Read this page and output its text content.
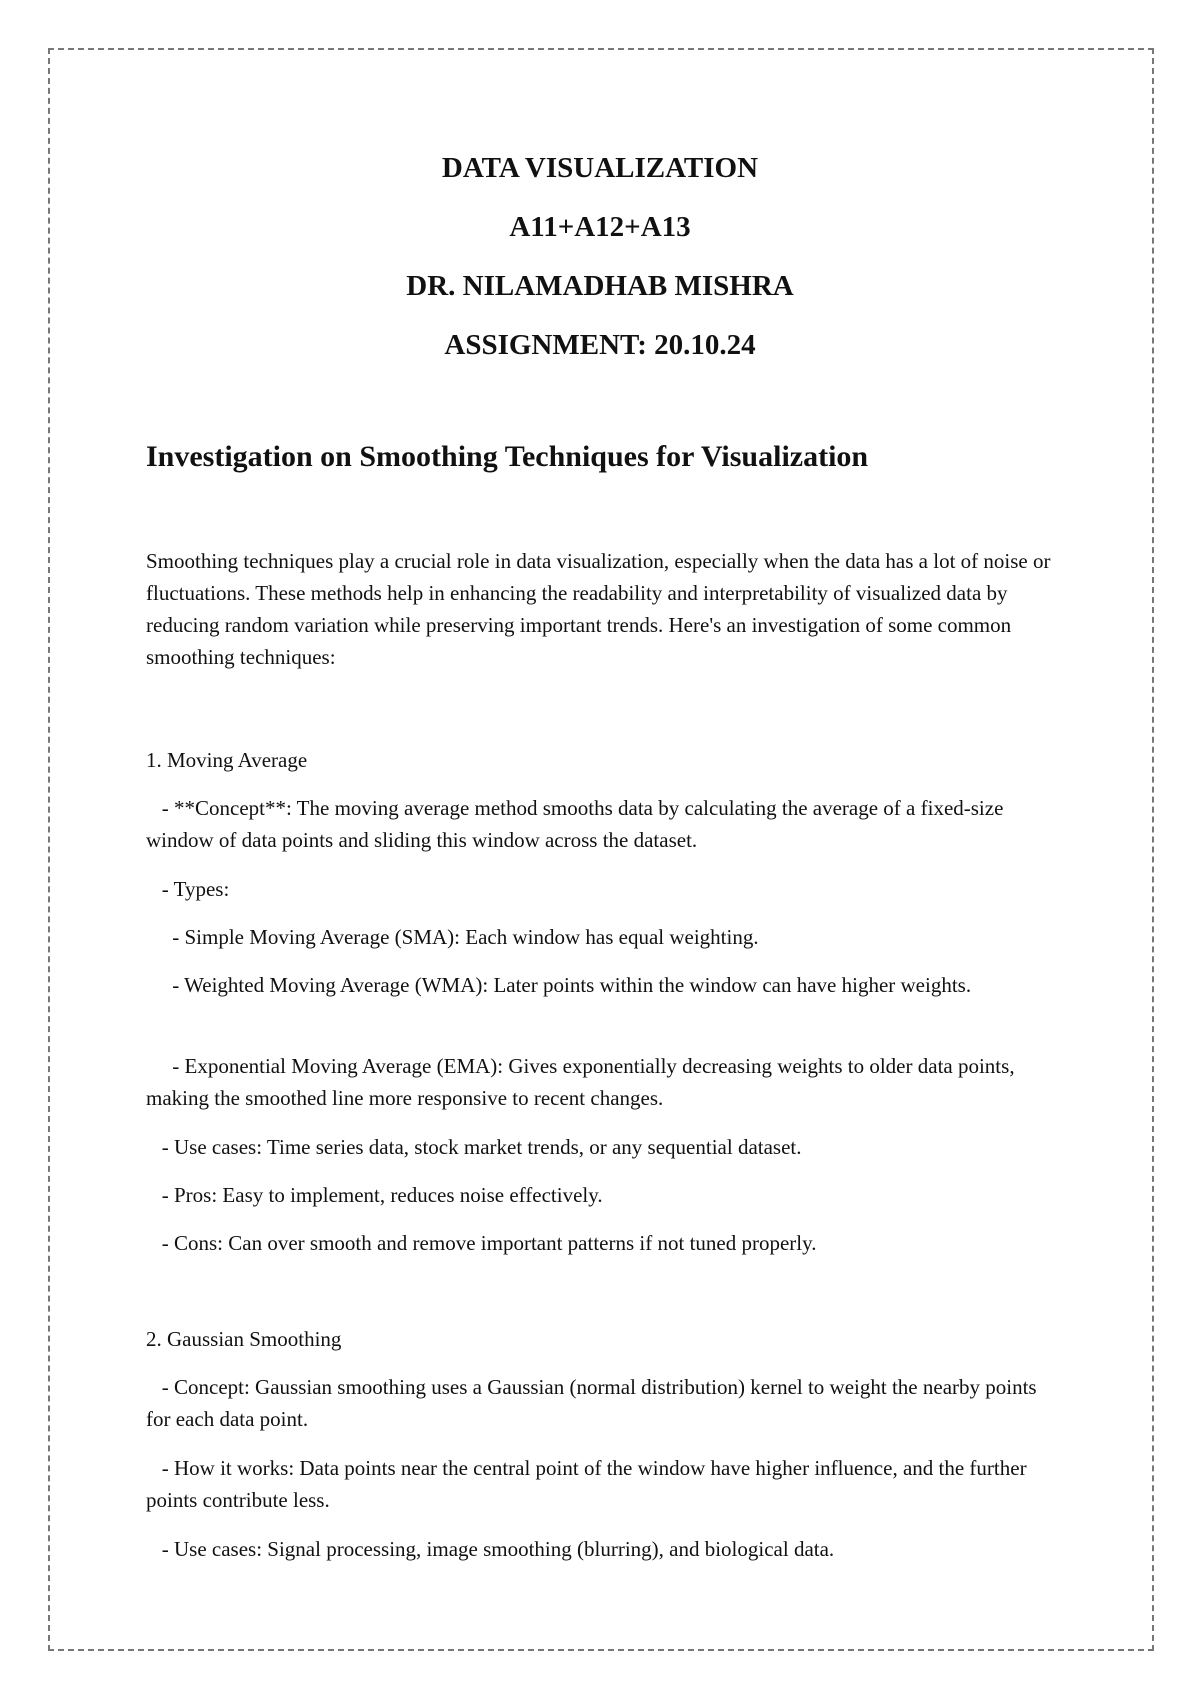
DATA VISUALIZATION
A11+A12+A13
DR. NILAMADHAB MISHRA
ASSIGNMENT: 20.10.24
Investigation on Smoothing Techniques for Visualization
Smoothing techniques play a crucial role in data visualization, especially when the data has a lot of noise or fluctuations. These methods help in enhancing the readability and interpretability of visualized data by reducing random variation while preserving important trends. Here's an investigation of some common smoothing techniques:
1. Moving Average
- **Concept**: The moving average method smooths data by calculating the average of a fixed-size window of data points and sliding this window across the dataset.
- Types:
- Simple Moving Average (SMA): Each window has equal weighting.
- Weighted Moving Average (WMA): Later points within the window can have higher weights.
- Exponential Moving Average (EMA): Gives exponentially decreasing weights to older data points, making the smoothed line more responsive to recent changes.
- Use cases: Time series data, stock market trends, or any sequential dataset.
- Pros: Easy to implement, reduces noise effectively.
- Cons: Can over smooth and remove important patterns if not tuned properly.
2. Gaussian Smoothing
- Concept: Gaussian smoothing uses a Gaussian (normal distribution) kernel to weight the nearby points for each data point.
- How it works: Data points near the central point of the window have higher influence, and the further points contribute less.
- Use cases: Signal processing, image smoothing (blurring), and biological data.
